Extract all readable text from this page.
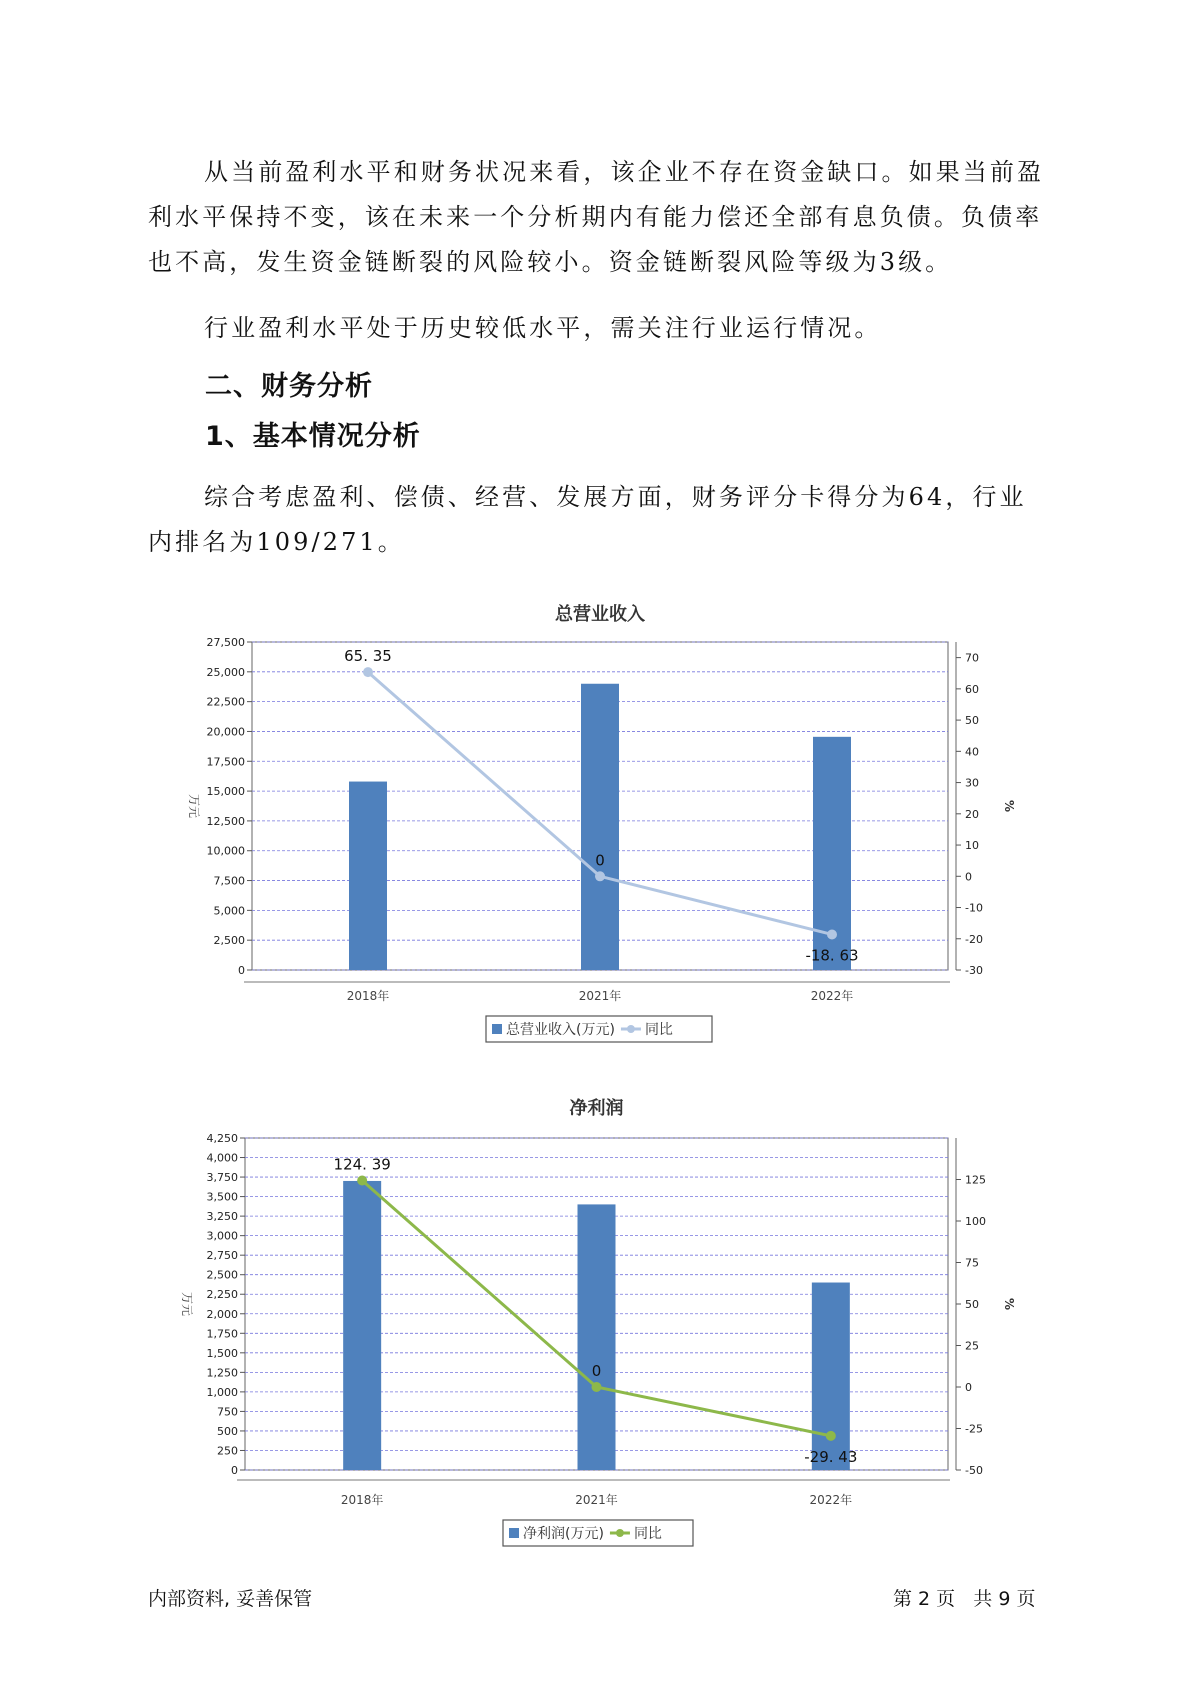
从当前盈利水平和财务状况来看，该企业不存在资金缺口。如果当前盈利水平保持不变，该在未来一个分析期内有能力偿还全部有息负债。负债率也不高，发生资金链断裂的风险较小。资金链断裂风险等级为3级。

行业盈利水平处于历史较低水平，需关注行业运行情况。

二、财务分析
1、基本情况分析

综合考虑盈利、偿债、经营、发展方面，财务评分卡得分为64，行业内排名为109/271。

总营业收入
0
2,500
5,000
7,500
10,000
12,500
15,000
17,500
20,000
22,500
25,000
27,500
-30
-20
-10
0
10
20
30
40
50
60
70
万元	%
2018年	2021年	2022年
65. 35
0
-18. 63
总营业收入(万元) 同比
净利润
0
250
500
750
1,000
1,250
1,500
1,750
2,000
2,250
2,500
2,750
3,000
3,250
3,500
3,750
4,000
4,250
-50
-25
0
25
50
75
100
125
万元	%
2018年	2021年	2022年
124. 39
0
-29. 43
净利润(万元) 同比
内部资料, 妥善保管	第 2 页   共 9 页
